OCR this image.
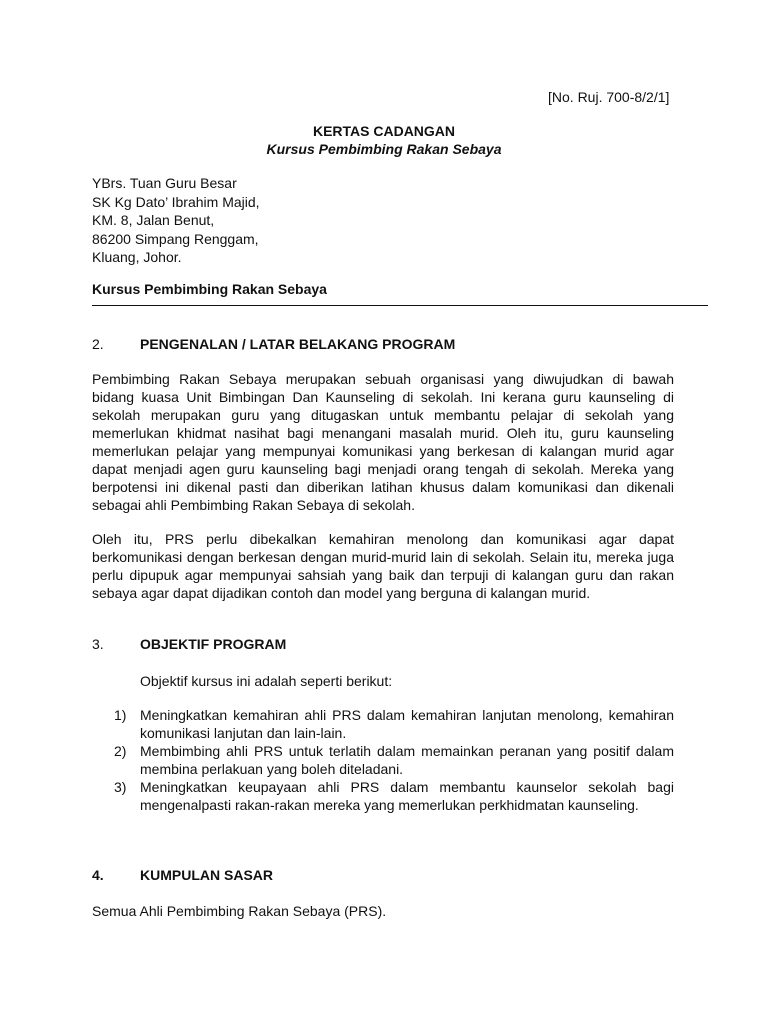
[No. Ruj. 700-8/2/1]
KERTAS CADANGAN
Kursus Pembimbing Rakan Sebaya
YBrs. Tuan Guru Besar
SK Kg Dato’ Ibrahim Majid,
KM. 8, Jalan Benut,
86200 Simpang Renggam,
Kluang, Johor.
Kursus Pembimbing Rakan Sebaya
2.	PENGENALAN / LATAR BELAKANG PROGRAM
Pembimbing Rakan Sebaya merupakan sebuah organisasi yang diwujudkan di bawah
bidang kuasa Unit Bimbingan Dan Kaunseling di sekolah. Ini kerana guru kaunseling di
sekolah merupakan guru yang ditugaskan untuk membantu pelajar di sekolah yang
memerlukan khidmat nasihat bagi menangani masalah murid. Oleh itu, guru kaunseling
memerlukan pelajar yang mempunyai komunikasi yang berkesan di kalangan murid agar
dapat menjadi agen guru kaunseling bagi menjadi orang tengah di sekolah. Mereka yang
berpotensi ini dikenal pasti dan diberikan latihan khusus dalam komunikasi dan dikenali
sebagai ahli Pembimbing Rakan Sebaya di sekolah.
Oleh itu, PRS perlu dibekalkan kemahiran menolong dan komunikasi agar dapat
berkomunikasi dengan berkesan dengan murid-murid lain di sekolah. Selain itu, mereka juga
perlu dipupuk agar mempunyai sahsiah yang baik dan terpuji di kalangan guru dan rakan
sebaya agar dapat dijadikan contoh dan model yang berguna di kalangan murid.
3.	OBJEKTIF PROGRAM
Objektif kursus ini adalah seperti berikut:
1) Meningkatkan kemahiran ahli PRS dalam kemahiran lanjutan menolong, kemahiran
komunikasi lanjutan dan lain-lain.
2) Membimbing ahli PRS untuk terlatih dalam memainkan peranan yang positif dalam
membina perlakuan yang boleh diteladani.
3) Meningkatkan keupayaan ahli PRS dalam membantu kaunselor sekolah bagi
mengenalpasti rakan-rakan mereka yang memerlukan perkhidmatan kaunseling.
4.	KUMPULAN SASAR
Semua Ahli Pembimbing Rakan Sebaya (PRS).
